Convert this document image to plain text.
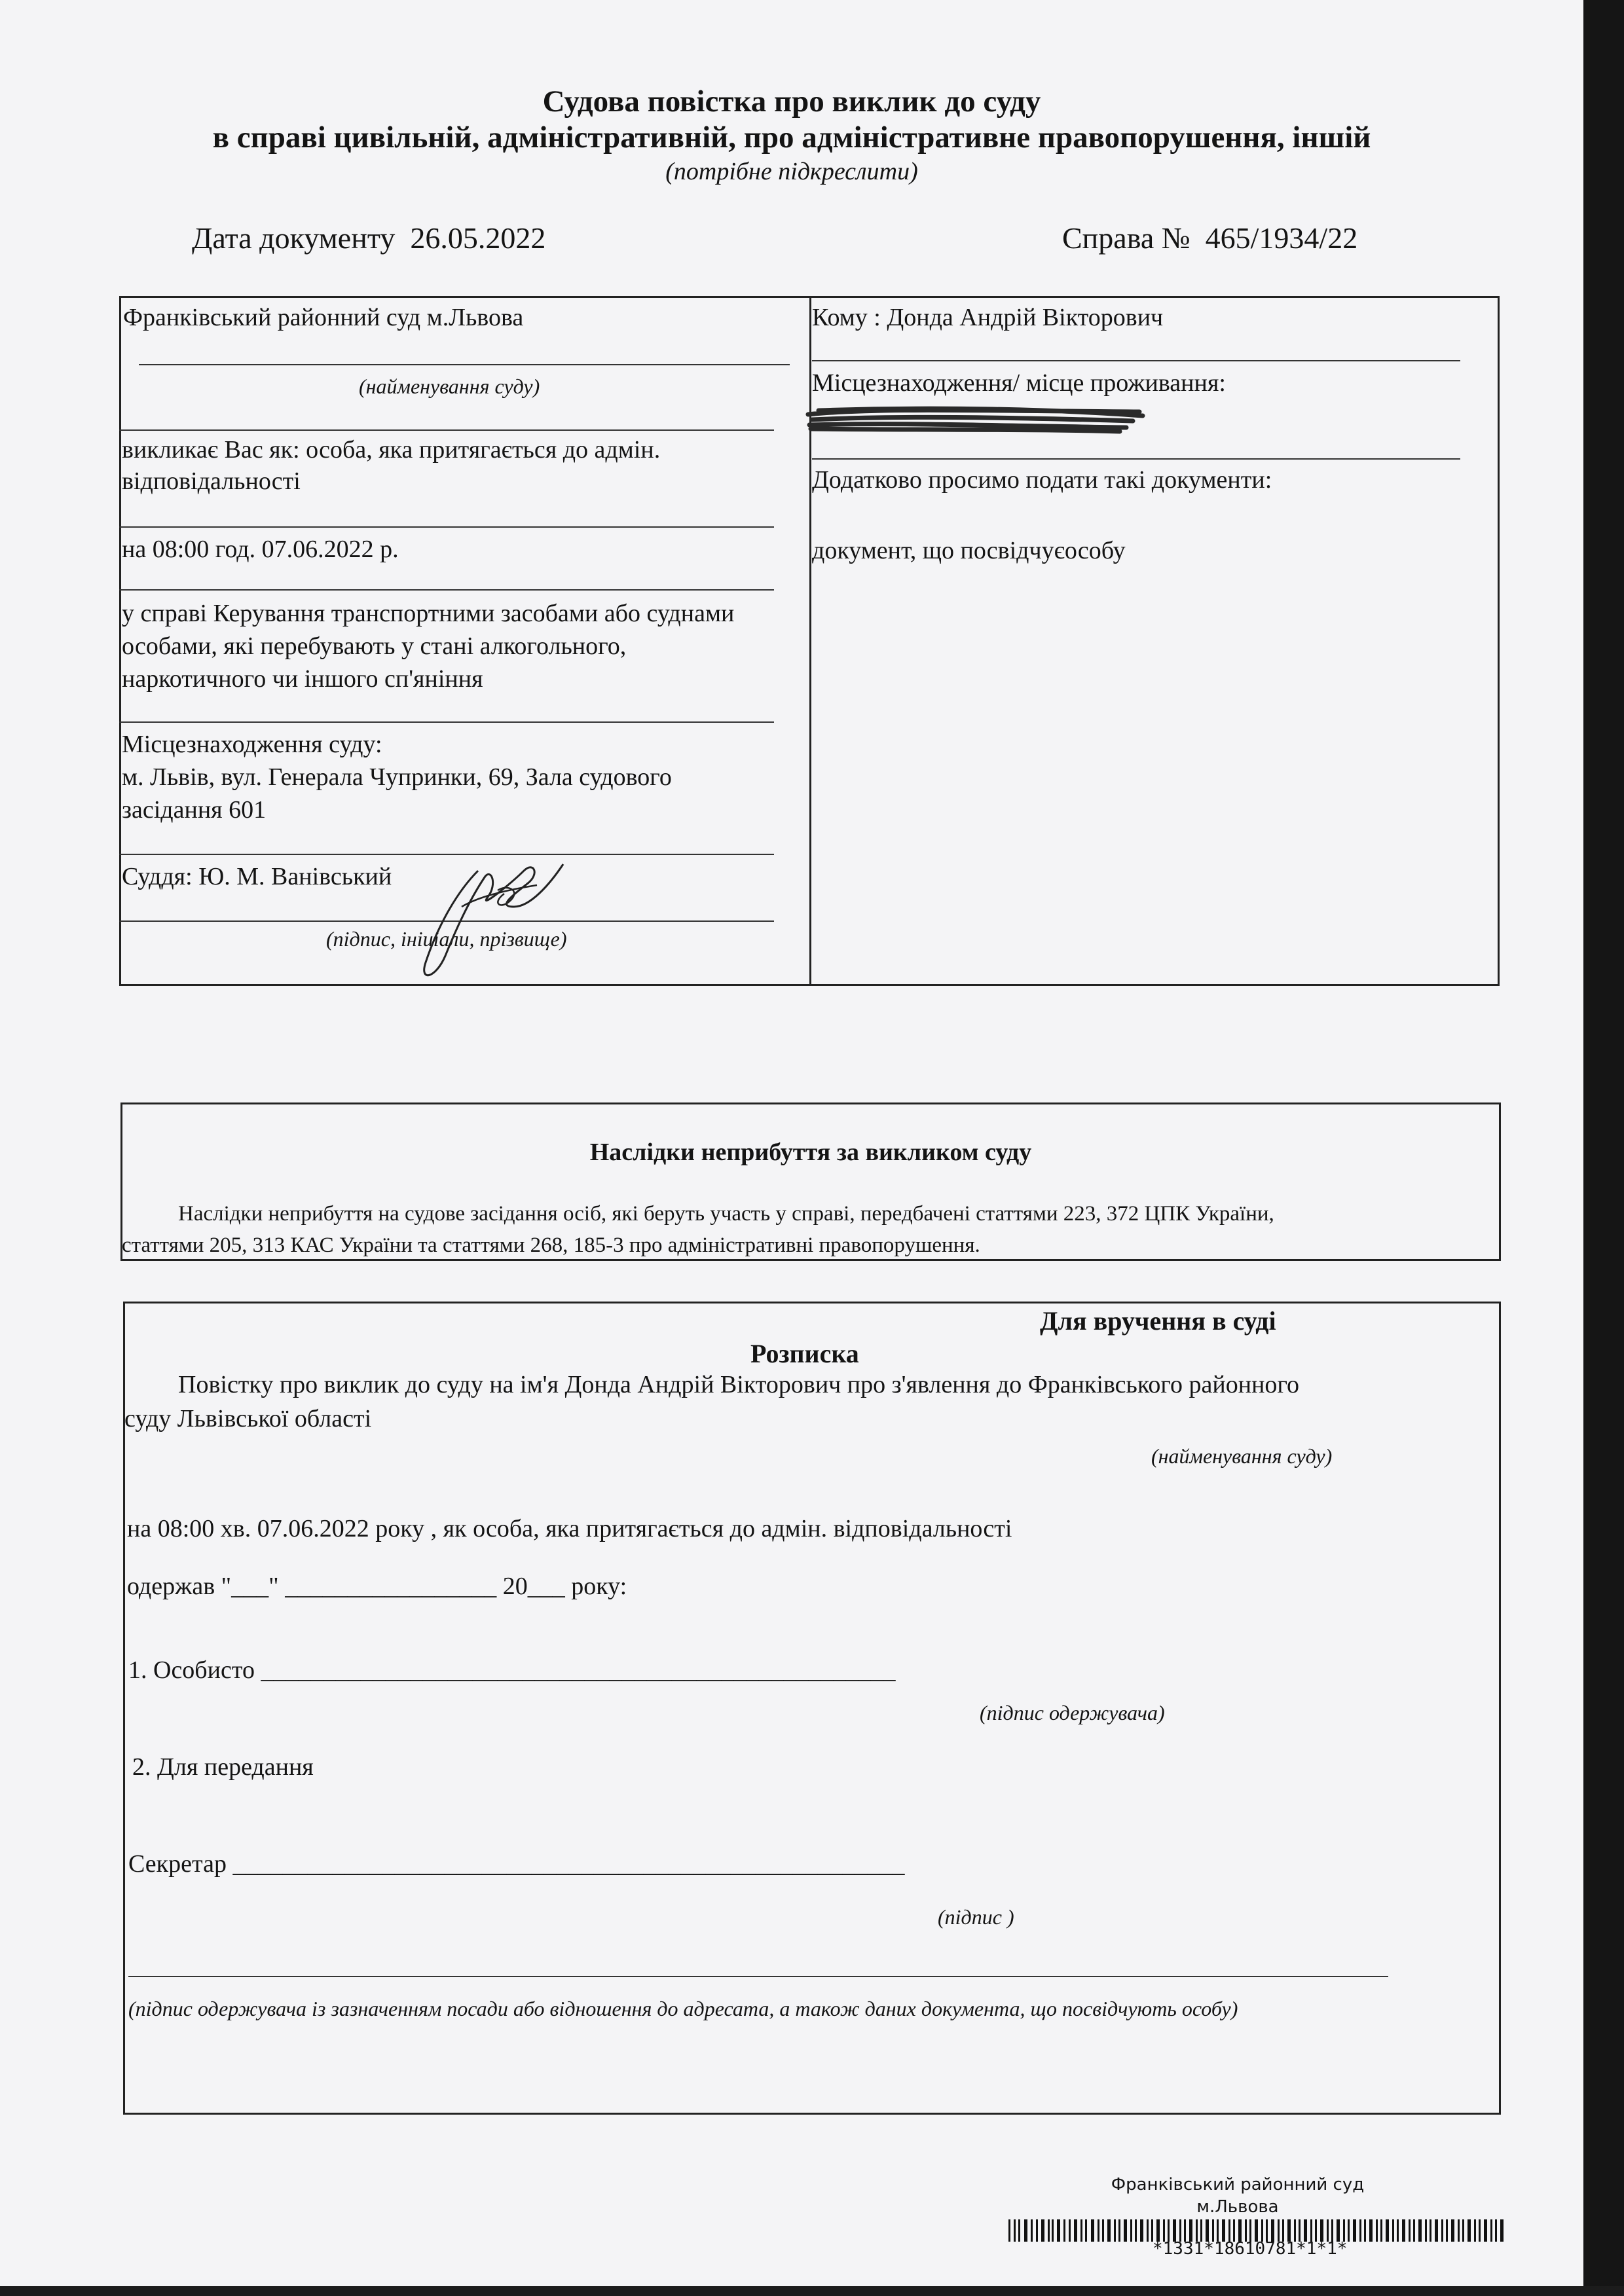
Судова повістка про виклик до суду
в справі цивільній, адміністративній, про адміністративне правопорушення, іншій
(потрібне підкреслити)
Дата документу 26.05.2022	Справа № 465/1934/22
Франківський районний суд м.Львова
(найменування суду)
викликає Вас як: особа, яка притягається до адмін.
відповідальності
на 08:00 год. 07.06.2022 р.
у справі Керування транспортними засобами або суднами
особами, які перебувають у стані алкогольного,
наркотичного чи іншого сп'яніння
Місцезнаходження суду:
м. Львів, вул. Генерала Чупринки, 69, Зала судового
засідання 601
Суддя: Ю. М. Ванівський
(підпис, ініціали, прізвище)
Кому : Донда Андрій Вікторович
Місцезнаходження/ місце проживання:
Додатково просимо подати такі документи:
документ, що посвідчуєособу
Наслідки неприбуття за викликом суду
Наслідки неприбуття на судове засідання осіб, які беруть участь у справі, передбачені статтями 223, 372 ЦПК України,
статтями 205, 313 КАС України та статтями 268, 185-3 про адміністративні правопорушення.
Для вручення в суді
Розписка
Повістку про виклик до суду на ім'я Донда Андрій Вікторович про з'явлення до Франківського районного
суду Львівської області
(найменування суду)
на 08:00 хв. 07.06.2022 року , як особа, яка притягається до адмін. відповідальності
одержав "___" _________________ 20___ року:
1. Особисто ___________________________________________________
(підпис одержувача)
2. Для передання
Секретар ______________________________________________________
(підпис )
(підпис одержувача із зазначенням посади або відношення до адресата, а також даних документа, що посвідчують особу)
Франківський районний суд
м.Львова
*1331*18610781*1*1*
